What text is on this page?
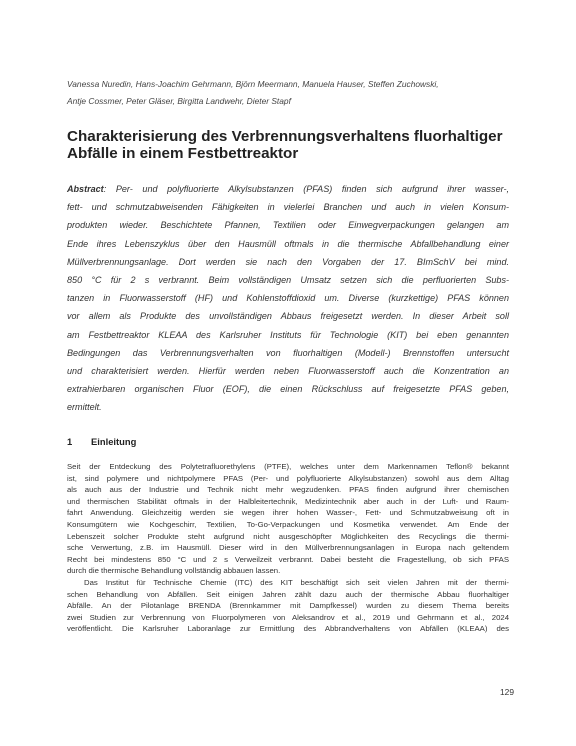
Vanessa Nuredin, Hans-Joachim Gehrmann, Björn Meermann, Manuela Hauser, Steffen Zuchowski,
Antje Cossmer, Peter Gläser, Birgitta Landwehr, Dieter Stapf
Charakterisierung des Verbrennungsverhaltens fluorhaltiger
Abfälle in einem Festbettreaktor
Abstract: Per- und polyfluorierte Alkylsubstanzen (PFAS) finden sich aufgrund ihrer wasser-,
fett- und schmutzabweisenden Fähigkeiten in vielerlei Branchen und auch in vielen Konsum-
produkten wieder. Beschichtete Pfannen, Textilien oder Einwegverpackungen gelangen am
Ende ihres Lebenszyklus über den Hausmüll oftmals in die thermische Abfallbehandlung einer
Müllverbrennungsanlage. Dort werden sie nach den Vorgaben der 17. BImSchV bei mind.
850 °C für 2 s verbrannt. Beim vollständigen Umsatz setzen sich die perfluorierten Subs-
tanzen in Fluorwasserstoff (HF) und Kohlenstoffdioxid um. Diverse (kurzkettige) PFAS können
vor allem als Produkte des unvollständigen Abbaus freigesetzt werden. In dieser Arbeit soll
am Festbettreaktor KLEAA des Karlsruher Instituts für Technologie (KIT) bei eben genannten
Bedingungen das Verbrennungsverhalten von fluorhaltigen (Modell-) Brennstoffen untersucht
und charakterisiert werden. Hierfür werden neben Fluorwasserstoff auch die Konzentration an
extrahierbaren organischen Fluor (EOF), die einen Rückschluss auf freigesetzte PFAS geben,
ermittelt.
1 Einleitung
Seit der Entdeckung des Polytetrafluorethylens (PTFE), welches unter dem Markennamen Teflon® bekannt
ist, sind polymere und nichtpolymere PFAS (Per- und polyfluorierte Alkylsubstanzen) sowohl aus dem Alltag
als auch aus der Industrie und Technik nicht mehr wegzudenken. PFAS finden aufgrund ihrer chemischen
und thermischen Stabilität oftmals in der Halbleitertechnik, Medizintechnik aber auch in der Luft- und Raum-
fahrt Anwendung. Gleichzeitig werden sie wegen ihrer hohen Wasser-, Fett- und Schmutzabweisung oft in
Konsumgütern wie Kochgeschirr, Textilien, To-Go-Verpackungen und Kosmetika verwendet. Am Ende der
Lebenszeit solcher Produkte steht aufgrund nicht ausgeschöpfter Möglichkeiten des Recyclings die thermi-
sche Verwertung, z.B. im Hausmüll. Dieser wird in den Müllverbrennungsanlagen in Europa nach geltendem
Recht bei mindestens 850 °C und 2 s Verweilzeit verbrannt. Dabei besteht die Fragestellung, ob sich PFAS
durch die thermische Behandlung vollständig abbauen lassen.
Das Institut für Technische Chemie (ITC) des KIT beschäftigt sich seit vielen Jahren mit der thermi-
schen Behandlung von Abfällen. Seit einigen Jahren zählt dazu auch der thermische Abbau fluorhaltiger
Abfälle. An der Pilotanlage BRENDA (Brennkammer mit Dampfkessel) wurden zu diesem Thema bereits
zwei Studien zur Verbrennung von Fluorpolymeren von Aleksandrov et al., 2019 und Gehrmann et al., 2024
veröffentlicht. Die Karlsruher Laboranlage zur Ermittlung des Abbrandverhaltens von Abfällen (KLEAA) des
129
